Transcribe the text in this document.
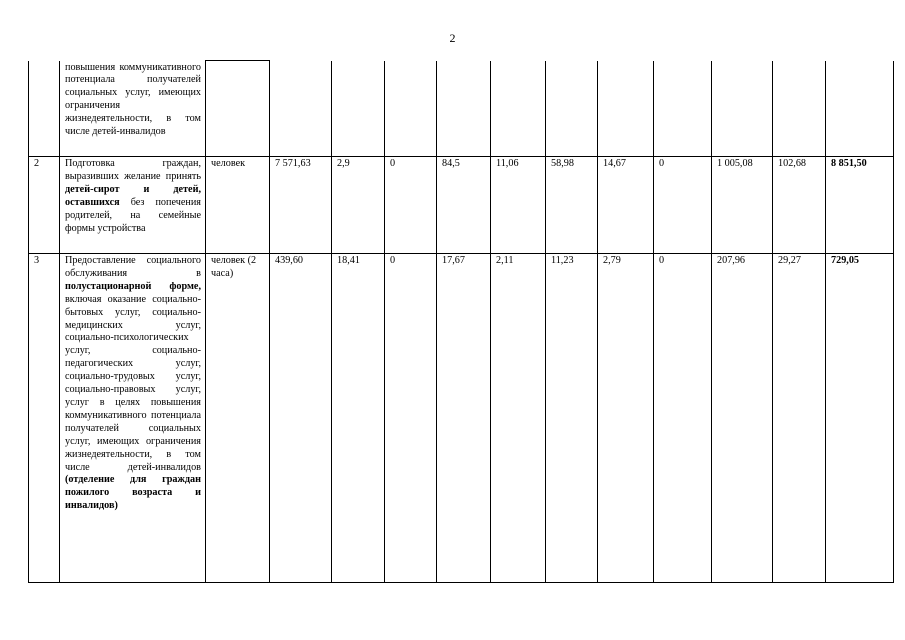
2
	повышения коммуникативного потенциала получателей социальных услуг, имеющих ограничения жизнедеятельности, в том числе детей-инвалидов												
2	Подготовка граждан, выразивших желание принять детей-сирот и детей, оставшихся без попечения родителей, на семейные формы устройства	человек	7 571,63	2,9	0	84,5	11,06	58,98	14,67	0	1 005,08	102,68	8 851,50
3	Предоставление социального обслуживания в полустационарной форме, включая оказание социально-бытовых услуг, социально-медицинских услуг, социально-психологических услуг, социально-педагогических услуг, социально-трудовых услуг, социально-правовых услуг, услуг в целях повышения коммуникативного потенциала получателей социальных услуг, имеющих ограничения жизнедеятельности, в том числе детей-инвалидов (отделение для граждан пожилого возраста и инвалидов)	человек (2 часа)	439,60	18,41	0	17,67	2,11	11,23	2,79	0	207,96	29,27	729,05
